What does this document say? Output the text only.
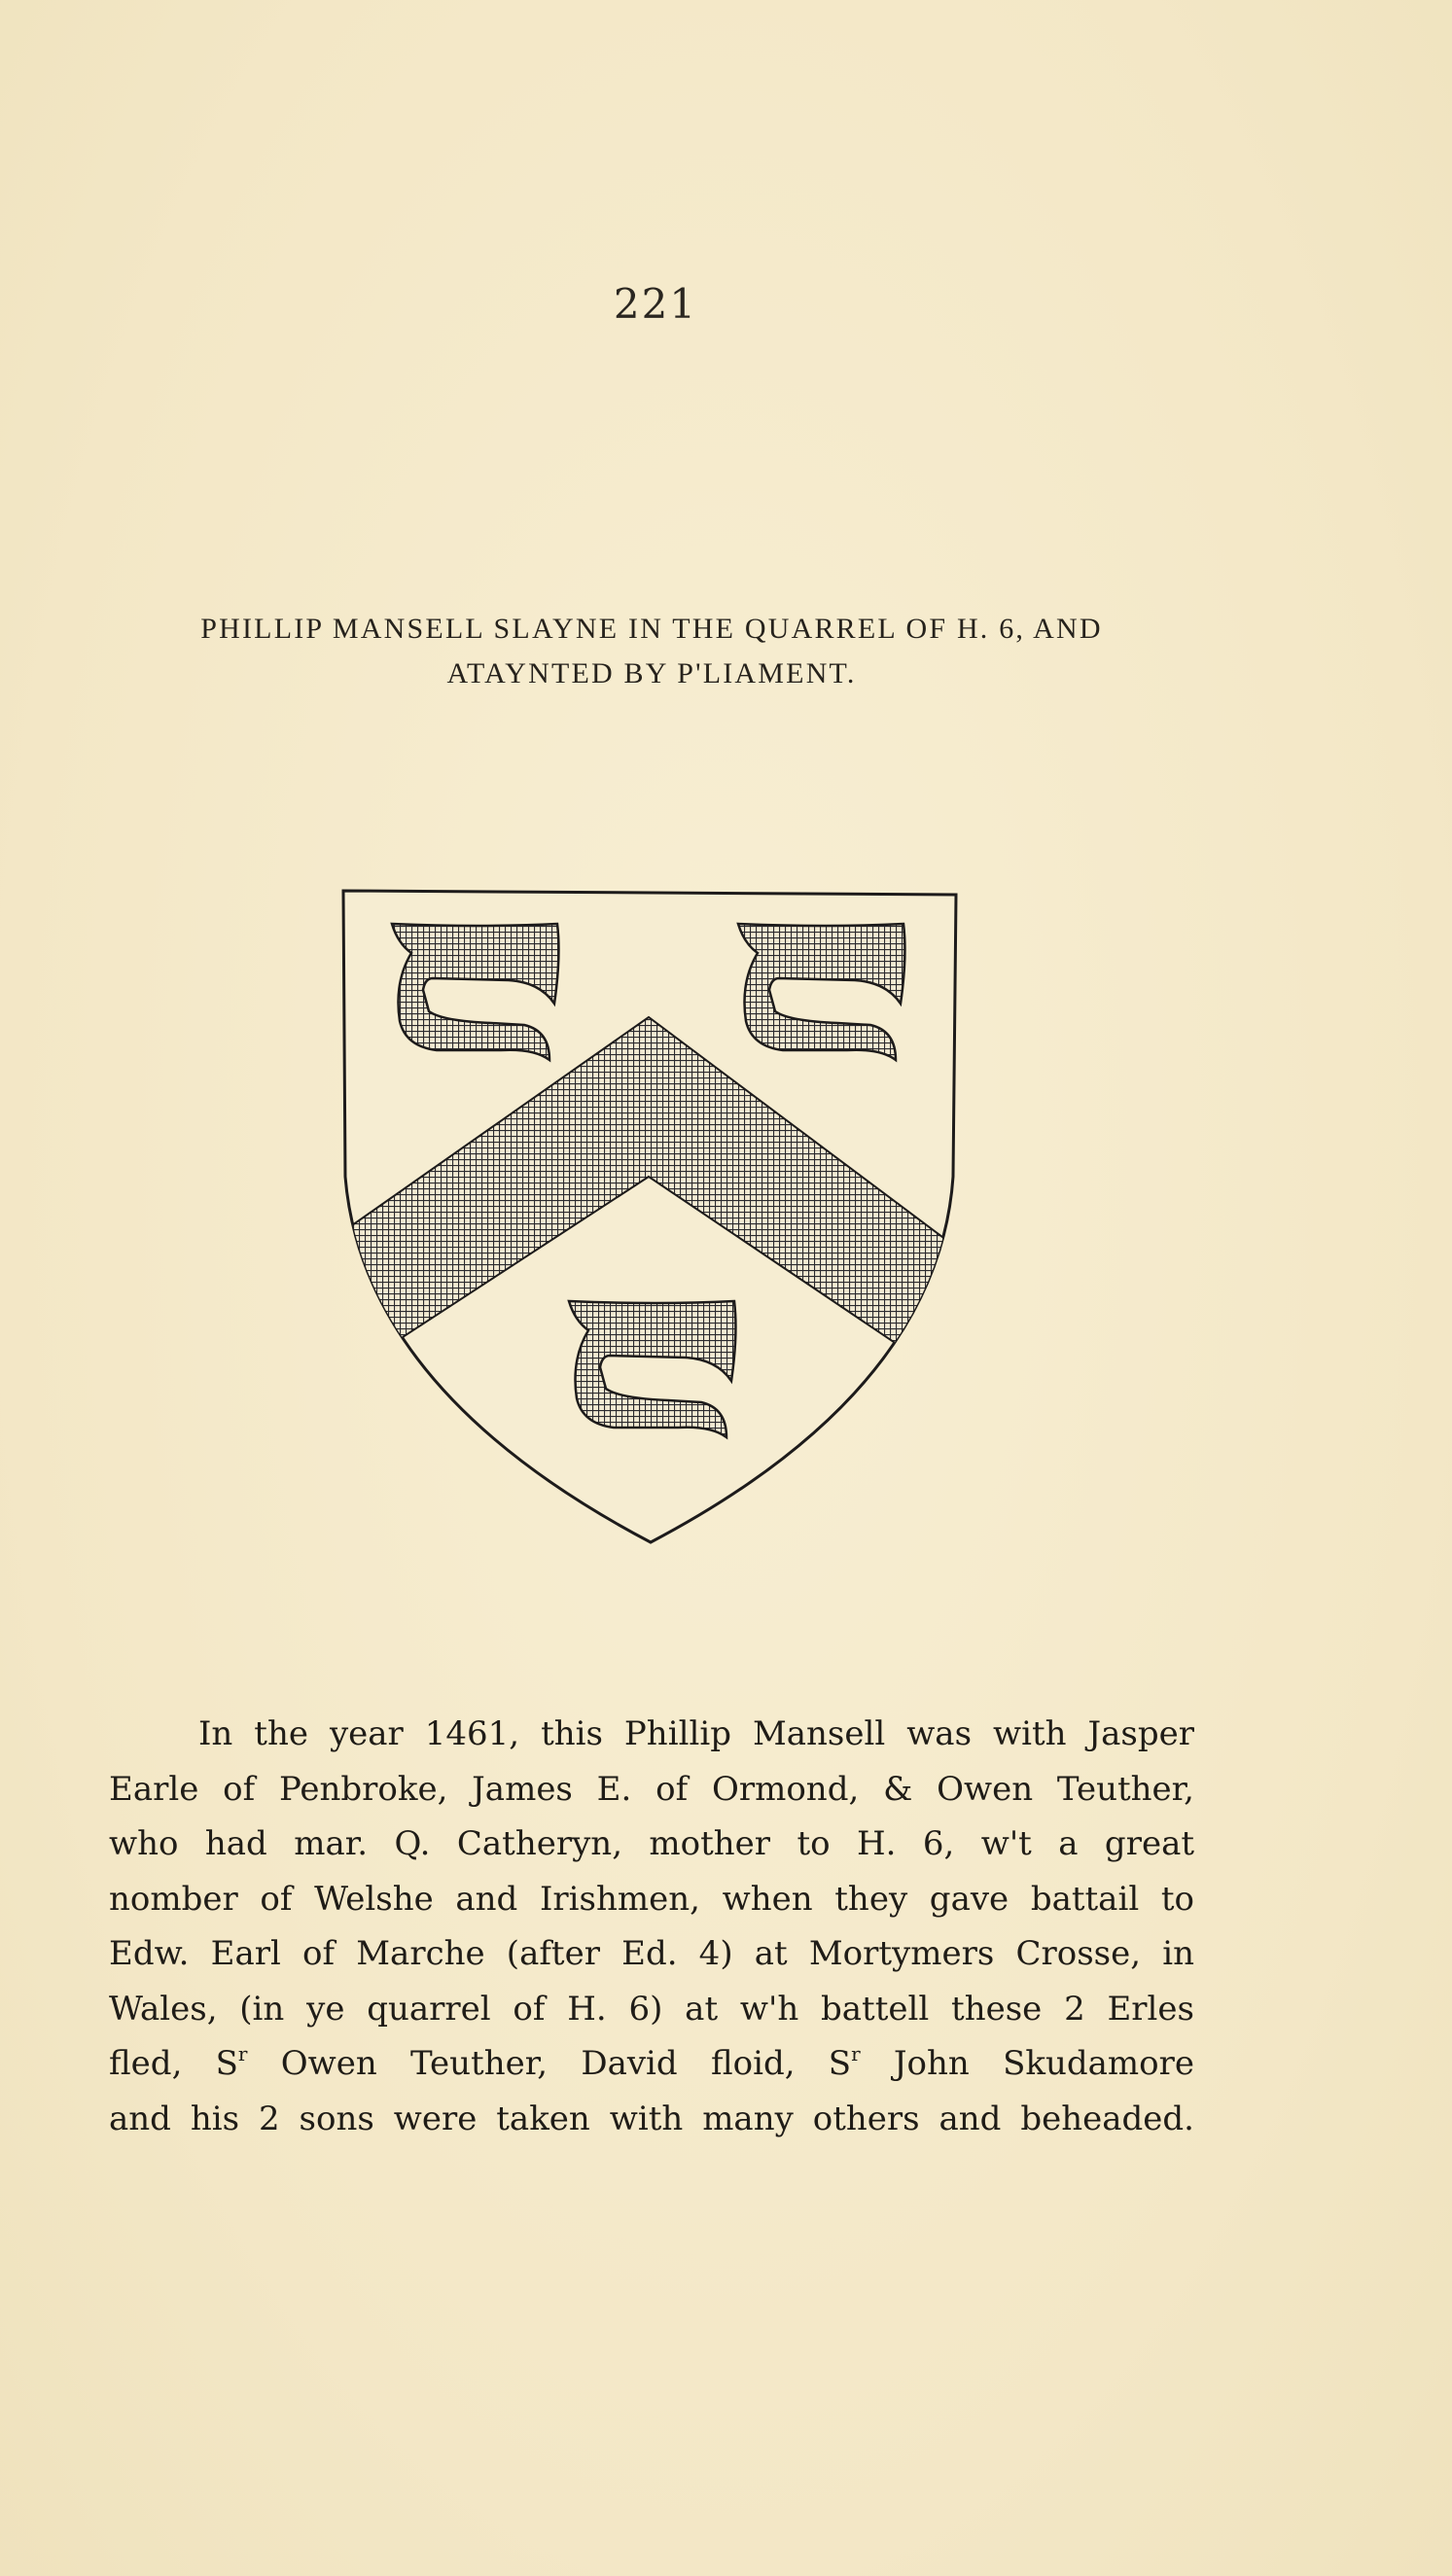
221
PHILLIP MANSELL SLAYNE IN THE QUARREL OF H. 6, AND
ATAYNTED BY P'LIAMENT.
In the year 1461, this Phillip Mansell was with Jasper
Earle of Penbroke, James E. of Ormond, & Owen Teuther,
who had mar. Q. Catheryn, mother to H. 6, w't a great
nomber of Welshe and Irishmen, when they gave battail to
Edw. Earl of Marche (after Ed. 4) at Mortymers Crosse, in
Wales, (in ye quarrel of H. 6) at w'h battell these 2 Erles
fled, $S^r$ Owen Teuther, David floid, $S^r$ John Skudamore
and his 2 sons were taken with many others and beheaded.
